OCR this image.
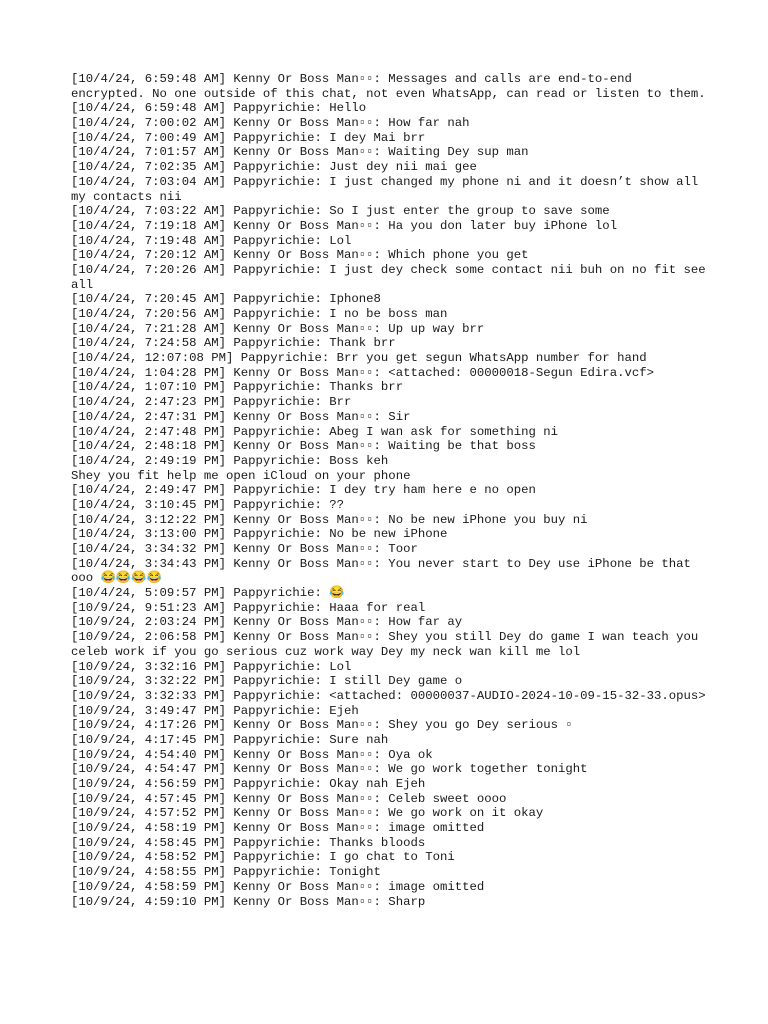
[10/4/24, 6:59:48 AM] Kenny Or Boss Man▫▫: Messages and calls are end-to-end encrypted. No one outside of this chat, not even WhatsApp, can read or listen to them.

[10/4/24, 6:59:48 AM] Pappyrichie: Hello

[10/4/24, 7:00:02 AM] Kenny Or Boss Man▫▫: How far nah

[10/4/24, 7:00:49 AM] Pappyrichie: I dey Mai brr

[10/4/24, 7:01:57 AM] Kenny Or Boss Man▫▫: Waiting Dey sup man

[10/4/24, 7:02:35 AM] Pappyrichie: Just dey nii mai gee

[10/4/24, 7:03:04 AM] Pappyrichie: I just changed my phone ni and it doesn’t show all my contacts nii

[10/4/24, 7:03:22 AM] Pappyrichie: So I just enter the group to save some

[10/4/24, 7:19:18 AM] Kenny Or Boss Man▫▫: Ha you don later buy iPhone lol

[10/4/24, 7:19:48 AM] Pappyrichie: Lol

[10/4/24, 7:20:12 AM] Kenny Or Boss Man▫▫: Which phone you get

[10/4/24, 7:20:26 AM] Pappyrichie: I just dey check some contact nii buh on no fit see all

[10/4/24, 7:20:45 AM] Pappyrichie: Iphone8

[10/4/24, 7:20:56 AM] Pappyrichie: I no be boss man

[10/4/24, 7:21:28 AM] Kenny Or Boss Man▫▫: Up up way brr

[10/4/24, 7:24:58 AM] Pappyrichie: Thank brr

[10/4/24, 12:07:08 PM] Pappyrichie: Brr you get segun WhatsApp number for hand

[10/4/24, 1:04:28 PM] Kenny Or Boss Man▫▫: <attached: 00000018-Segun Edira.vcf>

[10/4/24, 1:07:10 PM] Pappyrichie: Thanks brr

[10/4/24, 2:47:23 PM] Pappyrichie: Brr

[10/4/24, 2:47:31 PM] Kenny Or Boss Man▫▫: Sir

[10/4/24, 2:47:48 PM] Pappyrichie: Abeg I wan ask for something ni

[10/4/24, 2:48:18 PM] Kenny Or Boss Man▫▫: Waiting be that boss

[10/4/24, 2:49:19 PM] Pappyrichie: Boss keh

Shey you fit help me open iCloud on your phone

[10/4/24, 2:49:47 PM] Pappyrichie: I dey try ham here e no open

[10/4/24, 3:10:45 PM] Pappyrichie: ??

[10/4/24, 3:12:22 PM] Kenny Or Boss Man▫▫: No be new iPhone you buy ni

[10/4/24, 3:13:00 PM] Pappyrichie: No be new iPhone

[10/4/24, 3:34:32 PM] Kenny Or Boss Man▫▫: Toor

[10/4/24, 3:34:43 PM] Kenny Or Boss Man▫▫: You never start to Dey use iPhone be that ooo 😂😂😂😂

[10/4/24, 5:09:57 PM] Pappyrichie: 😂

[10/9/24, 9:51:23 AM] Pappyrichie: Haaa for real

[10/9/24, 2:03:24 PM] Kenny Or Boss Man▫▫: How far ay

[10/9/24, 2:06:58 PM] Kenny Or Boss Man▫▫: Shey you still Dey do game I wan teach you celeb work if you go serious cuz work way Dey my neck wan kill me lol

[10/9/24, 3:32:16 PM] Pappyrichie: Lol

[10/9/24, 3:32:22 PM] Pappyrichie: I still Dey game o

[10/9/24, 3:32:33 PM] Pappyrichie: <attached: 00000037-AUDIO-2024-10-09-15-32-33.opus>

[10/9/24, 3:49:47 PM] Pappyrichie: Ejeh

[10/9/24, 4:17:26 PM] Kenny Or Boss Man▫▫: Shey you go Dey serious ▫

[10/9/24, 4:17:45 PM] Pappyrichie: Sure nah

[10/9/24, 4:54:40 PM] Kenny Or Boss Man▫▫: Oya ok

[10/9/24, 4:54:47 PM] Kenny Or Boss Man▫▫: We go work together tonight

[10/9/24, 4:56:59 PM] Pappyrichie: Okay nah Ejeh

[10/9/24, 4:57:45 PM] Kenny Or Boss Man▫▫: Celeb sweet oooo

[10/9/24, 4:57:52 PM] Kenny Or Boss Man▫▫: We go work on it okay

[10/9/24, 4:58:19 PM] Kenny Or Boss Man▫▫: image omitted

[10/9/24, 4:58:45 PM] Pappyrichie: Thanks bloods

[10/9/24, 4:58:52 PM] Pappyrichie: I go chat to Toni

[10/9/24, 4:58:55 PM] Pappyrichie: Tonight

[10/9/24, 4:58:59 PM] Kenny Or Boss Man▫▫: image omitted

[10/9/24, 4:59:10 PM] Kenny Or Boss Man▫▫: Sharp
